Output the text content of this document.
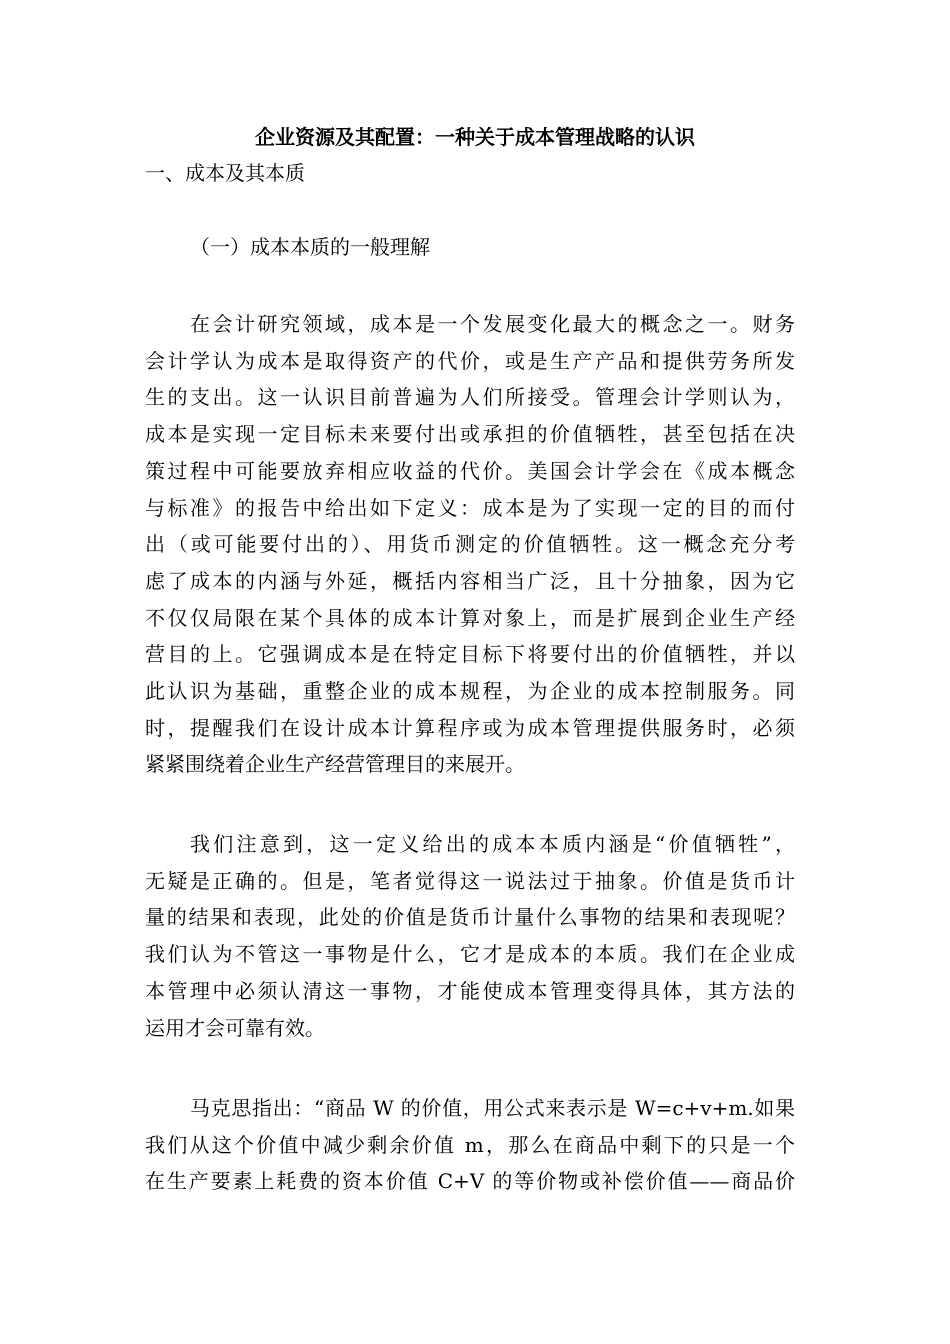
企业资源及其配置：一种关于成本管理战略的认识

一、成本及其本质

（一）成本本质的一般理解

在会计研究领域，成本是一个发展变化最大的概念之一。财务
会计学认为成本是取得资产的代价，或是生产产品和提供劳务所发
生的支出。这一认识目前普遍为人们所接受。管理会计学则认为，
成本是实现一定目标未来要付出或承担的价值牺牲，甚至包括在决
策过程中可能要放弃相应收益的代价。美国会计学会在《成本概念
与标准》的报告中给出如下定义：成本是为了实现一定的目的而付
出（或可能要付出的）、用货币测定的价值牺牲。这一概念充分考
虑了成本的内涵与外延，概括内容相当广泛，且十分抽象，因为它
不仅仅局限在某个具体的成本计算对象上，而是扩展到企业生产经
营目的上。它强调成本是在特定目标下将要付出的价值牺牲，并以
此认识为基础，重整企业的成本规程，为企业的成本控制服务。同
时，提醒我们在设计成本计算程序或为成本管理提供服务时，必须
紧紧围绕着企业生产经营管理目的来展开。
我们注意到，这一定义给出的成本本质内涵是“价值牺牲”，
无疑是正确的。但是，笔者觉得这一说法过于抽象。价值是货币计
量的结果和表现，此处的价值是货币计量什么事物的结果和表现呢？
我们认为不管这一事物是什么，它才是成本的本质。我们在企业成
本管理中必须认清这一事物，才能使成本管理变得具体，其方法的
运用才会可靠有效。
马克思指出：“商品 W 的价值，用公式来表示是 W=c+v+m.如果
我们从这个价值中减少剩余价值 m，那么在商品中剩下的只是一个
在生产要素上耗费的资本价值 C+V 的等价物或补偿价值——商品价
